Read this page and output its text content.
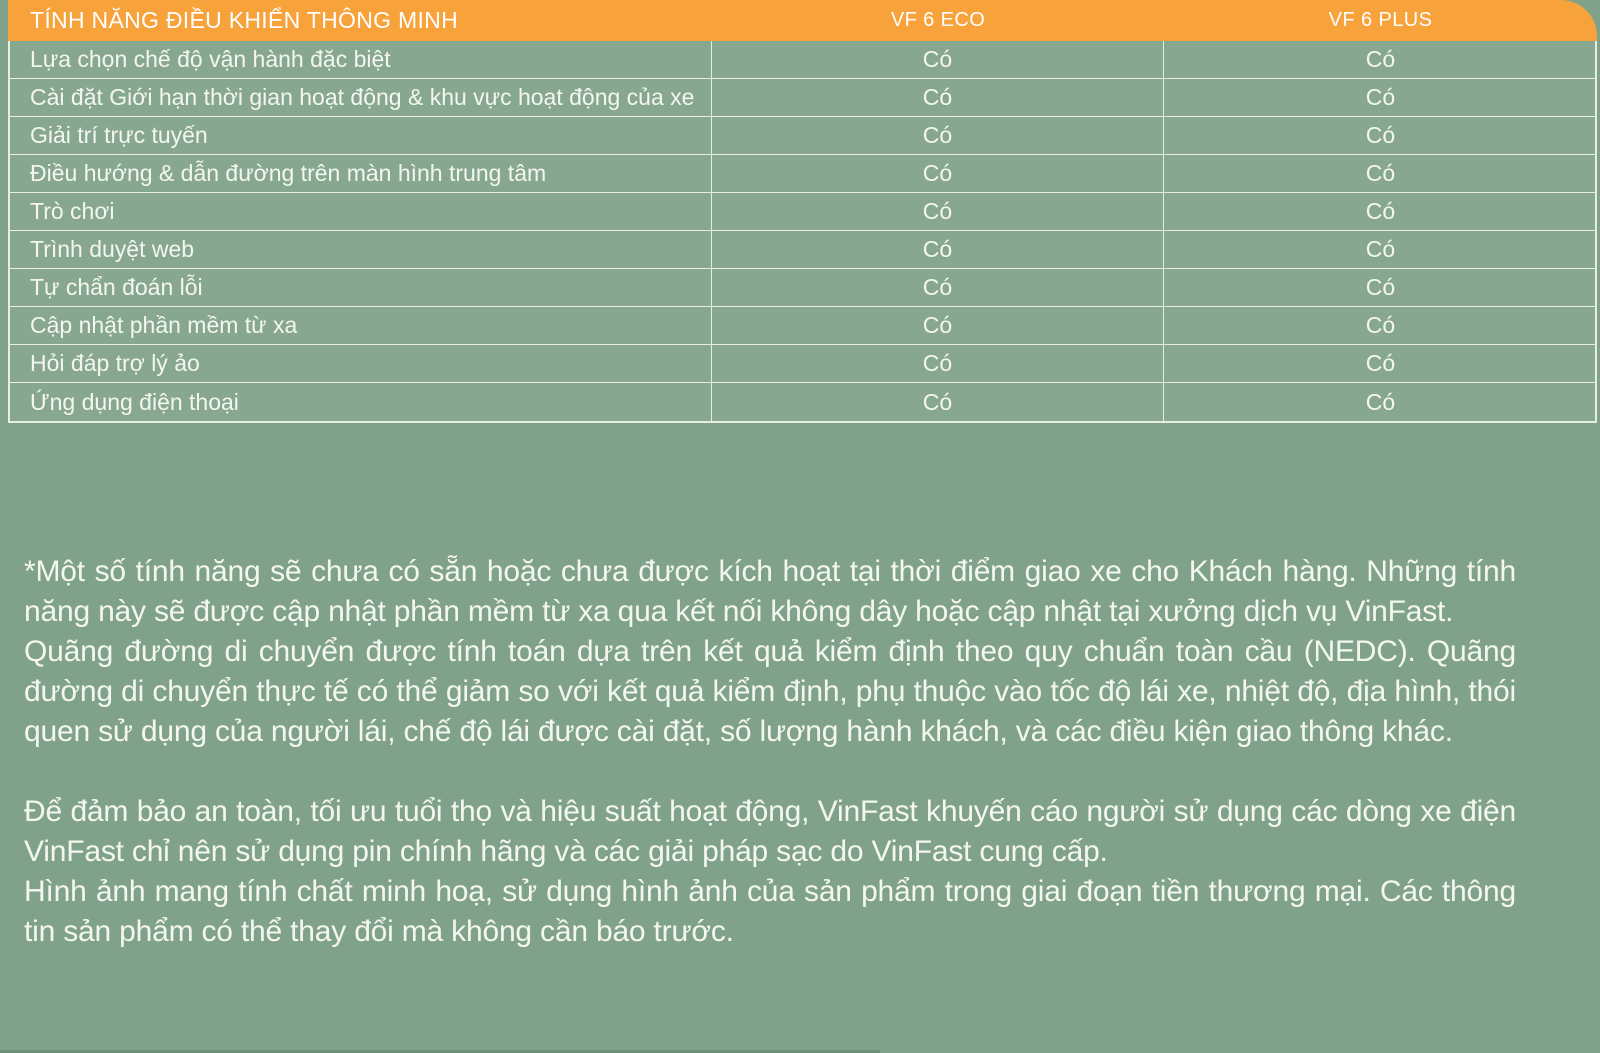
TÍNH NĂNG ĐIỀU KHIỂN THÔNG MINH	VF 6 ECO	VF 6 PLUS
Lựa chọn chế độ vận hành đặc biệt	Có	Có
Cài đặt Giới hạn thời gian hoạt động & khu vực hoạt động của xe	Có	Có
Giải trí trực tuyến	Có	Có
Điều hướng & dẫn đường trên màn hình trung tâm	Có	Có
Trò chơi	Có	Có
Trình duyệt web	Có	Có
Tự chẩn đoán lỗi	Có	Có
Cập nhật phần mềm từ xa	Có	Có
Hỏi đáp trợ lý ảo	Có	Có
Ứng dụng điện thoại	Có	Có

*Một số tính năng sẽ chưa có sẵn hoặc chưa được kích hoạt tại thời điểm giao xe cho Khách hàng. Những tính năng này sẽ được cập nhật phần mềm từ xa qua kết nối không dây hoặc cập nhật tại xưởng dịch vụ VinFast.

Quãng đường di chuyển được tính toán dựa trên kết quả kiểm định theo quy chuẩn toàn cầu (NEDC). Quãng đường di chuyển thực tế có thể giảm so với kết quả kiểm định, phụ thuộc vào tốc độ lái xe, nhiệt độ, địa hình, thói quen sử dụng của người lái, chế độ lái được cài đặt, số lượng hành khách, và các điều kiện giao thông khác.

Để đảm bảo an toàn, tối ưu tuổi thọ và hiệu suất hoạt động, VinFast khuyến cáo người sử dụng các dòng xe điện VinFast chỉ nên sử dụng pin chính hãng và các giải pháp sạc do VinFast cung cấp.

Hình ảnh mang tính chất minh hoạ, sử dụng hình ảnh của sản phẩm trong giai đoạn tiền thương mại. Các thông tin sản phẩm có thể thay đổi mà không cần báo trước.
